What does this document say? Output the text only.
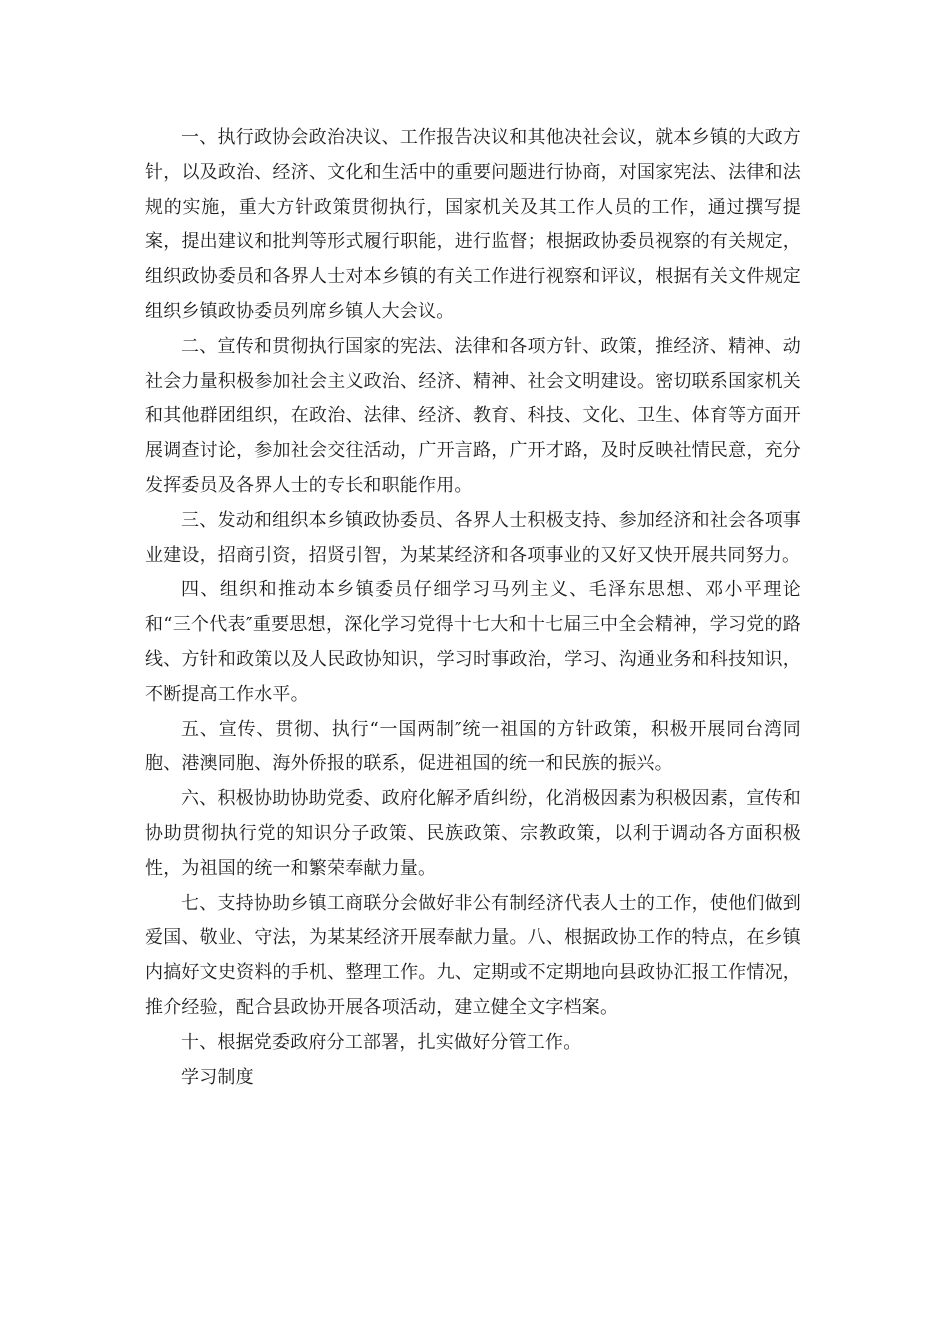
一、执行政协会政治决议、工作报告决议和其他决社会议，就本乡镇的大政方针，以及政治、经济、文化和生活中的重要问题进行协商，对国家宪法、法律和法规的实施，重大方针政策贯彻执行，国家机关及其工作人员的工作，通过撰写提案，提出建议和批判等形式履行职能，进行监督；根据政协委员视察的有关规定，组织政协委员和各界人士对本乡镇的有关工作进行视察和评议，根据有关文件规定组织乡镇政协委员列席乡镇人大会议。

二、宣传和贯彻执行国家的宪法、法律和各项方针、政策，推经济、精神、动社会力量积极参加社会主义政治、经济、精神、社会文明建设。密切联系国家机关和其他群团组织，在政治、法律、经济、教育、科技、文化、卫生、体育等方面开展调查讨论，参加社会交往活动，广开言路，广开才路，及时反映社情民意，充分发挥委员及各界人士的专长和职能作用。

三、发动和组织本乡镇政协委员、各界人士积极支持、参加经济和社会各项事业建设，招商引资，招贤引智，为某某经济和各项事业的又好又快开展共同努力。

四、组织和推动本乡镇委员仔细学习马列主义、毛泽东思想、邓小平理论和“三个代表″重要思想，深化学习党得十七大和十七届三中全会精神，学习党的路线、方针和政策以及人民政协知识，学习时事政治，学习、沟通业务和科技知识，不断提高工作水平。

五、宣传、贯彻、执行“一国两制″统一祖国的方针政策，积极开展同台湾同胞、港澳同胞、海外侨报的联系，促进祖国的统一和民族的振兴。

六、积极协助协助党委、政府化解矛盾纠纷，化消极因素为积极因素，宣传和协助贯彻执行党的知识分子政策、民族政策、宗教政策，以利于调动各方面积极性，为祖国的统一和繁荣奉献力量。

七、支持协助乡镇工商联分会做好非公有制经济代表人士的工作，使他们做到爱国、敬业、守法，为某某经济开展奉献力量。八、根据政协工作的特点，在乡镇内搞好文史资料的手机、整理工作。九、定期或不定期地向县政协汇报工作情况，推介经验，配合县政协开展各项活动，建立健全文字档案。

十、根据党委政府分工部署，扎实做好分管工作。

学习制度
